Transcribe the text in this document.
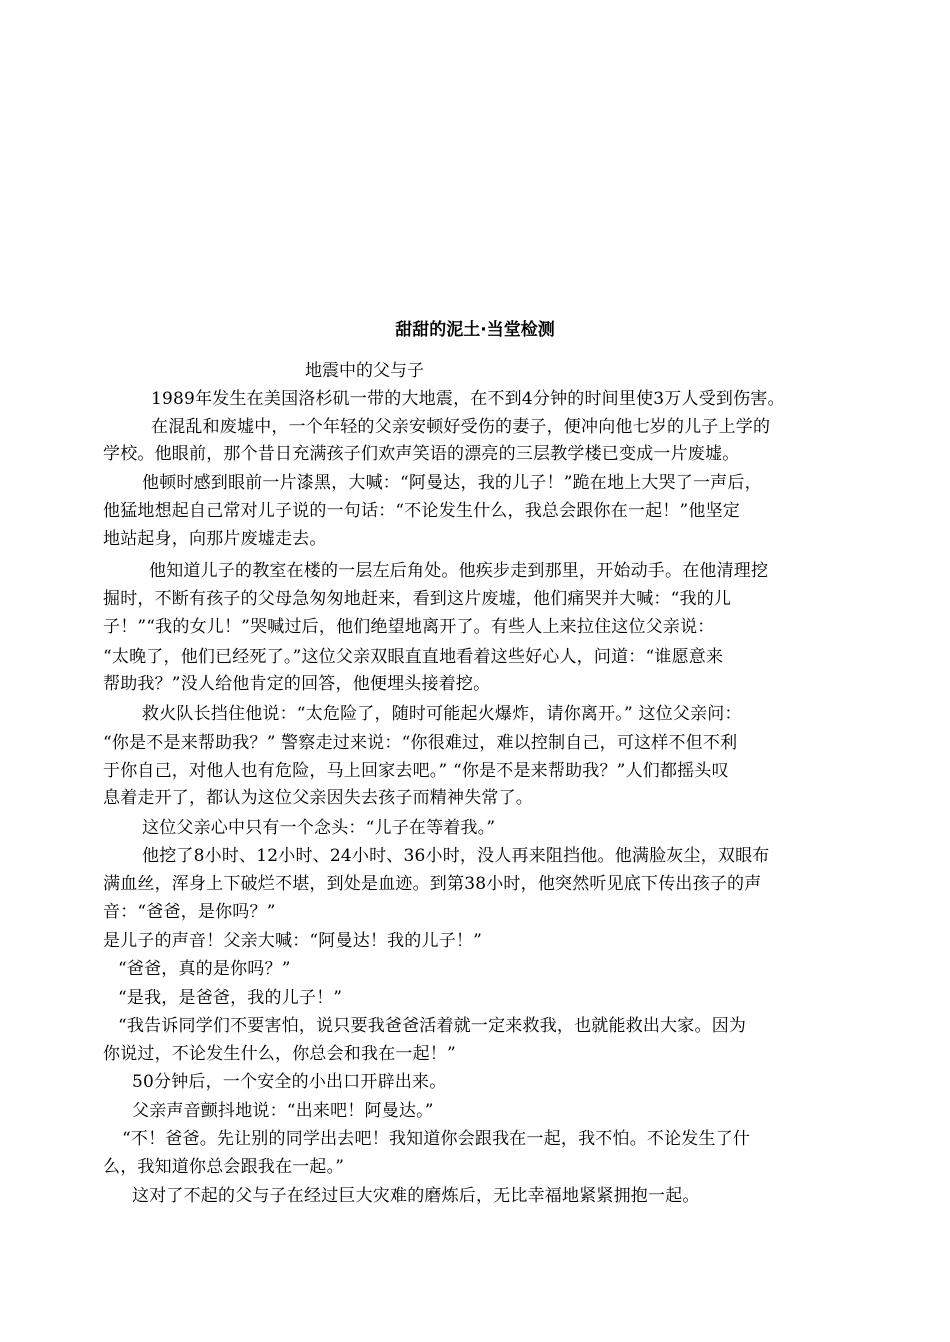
甜甜的泥土·当堂检测
地震中的父与子
1989年发生在美国洛杉矶一带的大地震，在不到4分钟的时间里使3万人受到伤害。
在混乱和废墟中，一个年轻的父亲安顿好受伤的妻子，便冲向他七岁的儿子上学的
学校。他眼前，那个昔日充满孩子们欢声笑语的漂亮的三层教学楼已变成一片废墟。
他顿时感到眼前一片漆黑，大喊：“阿曼达，我的儿子！”跪在地上大哭了一声后，
他猛地想起自己常对儿子说的一句话：“不论发生什么，我总会跟你在一起！”他坚定
地站起身，向那片废墟走去。
他知道儿子的教室在楼的一层左后角处。他疾步走到那里，开始动手。在他清理挖
掘时，不断有孩子的父母急匆匆地赶来，看到这片废墟，他们痛哭并大喊：“我的儿
子！”“我的女儿！”哭喊过后，他们绝望地离开了。有些人上来拉住这位父亲说：
“太晚了，他们已经死了。”这位父亲双眼直直地看着这些好心人，问道：“谁愿意来
帮助我？”没人给他肯定的回答，他便埋头接着挖。
救火队长挡住他说：“太危险了，随时可能起火爆炸，请你离开。” 这位父亲问：
“你是不是来帮助我？” 警察走过来说：“你很难过，难以控制自己，可这样不但不利
于你自己，对他人也有危险，马上回家去吧。” “你是不是来帮助我？”人们都摇头叹
息着走开了，都认为这位父亲因失去孩子而精神失常了。
这位父亲心中只有一个念头：“儿子在等着我。”
他挖了8小时、12小时、24小时、36小时，没人再来阻挡他。他满脸灰尘，双眼布
满血丝，浑身上下破烂不堪，到处是血迹。到第38小时，他突然听见底下传出孩子的声
音：“爸爸，是你吗？”
是儿子的声音！父亲大喊：“阿曼达！我的儿子！”
“爸爸，真的是你吗？”
“是我，是爸爸，我的儿子！”
“我告诉同学们不要害怕，说只要我爸爸活着就一定来救我，也就能救出大家。因为
你说过，不论发生什么，你总会和我在一起！”
50分钟后，一个安全的小出口开辟出来。
父亲声音颤抖地说：“出来吧！阿曼达。”
“不！爸爸。先让别的同学出去吧！我知道你会跟我在一起，我不怕。不论发生了什
么，我知道你总会跟我在一起。”
这对了不起的父与子在经过巨大灾难的磨炼后，无比幸福地紧紧拥抱一起。
